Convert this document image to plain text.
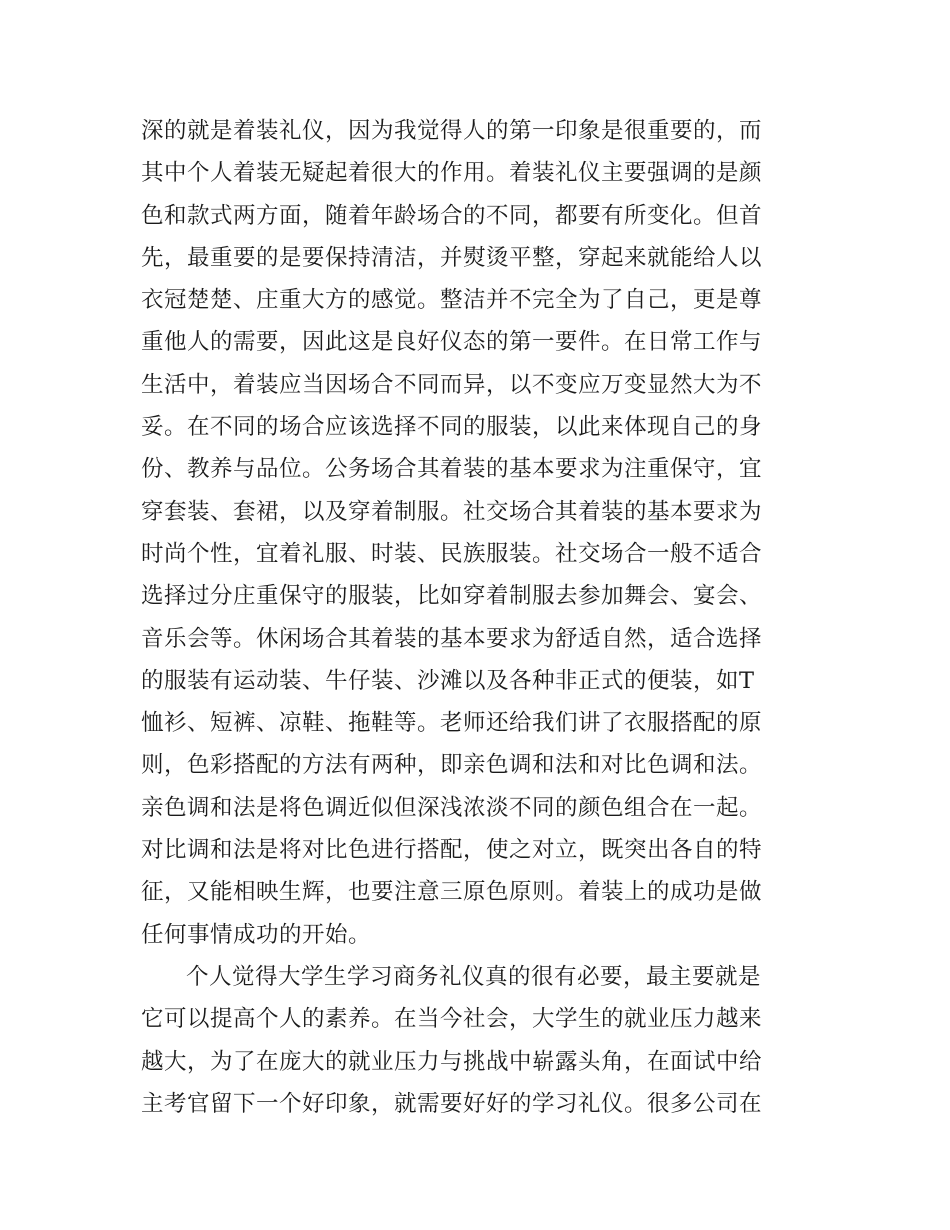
深的就是着装礼仪，因为我觉得人的第一印象是很重要的，而
其中个人着装无疑起着很大的作用。着装礼仪主要强调的是颜
色和款式两方面，随着年龄场合的不同，都要有所变化。但首
先，最重要的是要保持清洁，并熨烫平整，穿起来就能给人以
衣冠楚楚、庄重大方的感觉。整洁并不完全为了自己，更是尊
重他人的需要，因此这是良好仪态的第一要件。在日常工作与
生活中，着装应当因场合不同而异，以不变应万变显然大为不
妥。在不同的场合应该选择不同的服装，以此来体现自己的身
份、教养与品位。公务场合其着装的基本要求为注重保守，宜
穿套装、套裙，以及穿着制服。社交场合其着装的基本要求为
时尚个性，宜着礼服、时装、民族服装。社交场合一般不适合
选择过分庄重保守的服装，比如穿着制服去参加舞会、宴会、
音乐会等。休闲场合其着装的基本要求为舒适自然，适合选择
的服装有运动装、牛仔装、沙滩以及各种非正式的便装，如T
恤衫、短裤、凉鞋、拖鞋等。老师还给我们讲了衣服搭配的原
则，色彩搭配的方法有两种，即亲色调和法和对比色调和法。
亲色调和法是将色调近似但深浅浓淡不同的颜色组合在一起。
对比调和法是将对比色进行搭配，使之对立，既突出各自的特
征，又能相映生辉，也要注意三原色原则。着装上的成功是做
任何事情成功的开始。
个人觉得大学生学习商务礼仪真的很有必要，最主要就是
它可以提高个人的素养。在当今社会，大学生的就业压力越来
越大，为了在庞大的就业压力与挑战中崭露头角，在面试中给
主考官留下一个好印象，就需要好好的学习礼仪。很多公司在
